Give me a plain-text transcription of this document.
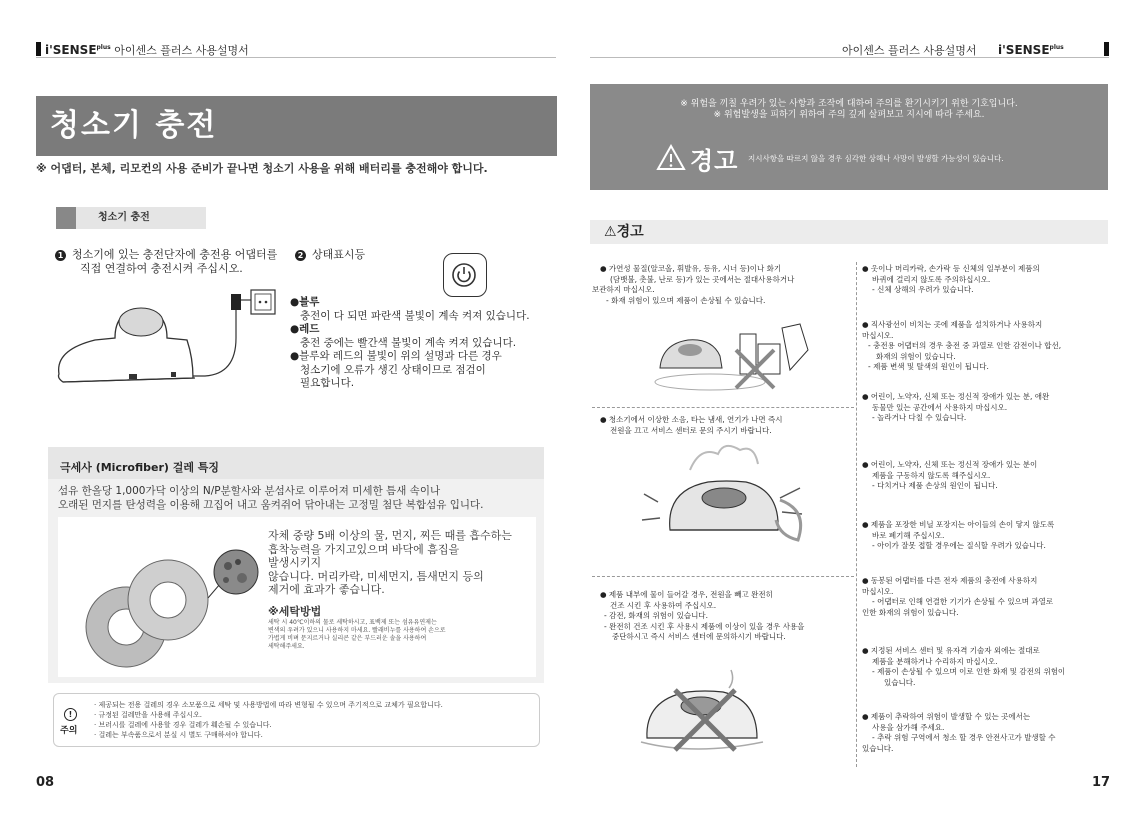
$i'SENSE^{plus}$ 아이센스 플러스 사용설명서	아이센스 플러스 사용설명서 $i'SENSE^{plus}$
청소기 충전
※ 어댑터, 본체, 리모컨의 사용 준비가 끝나면 청소기 사용을 위해 배터리를 충전해야 합니다.
청소기 충전
1 청소기에 있는 충전단자에 충전용 어댑터를
직접 연결하여 충전시켜 주십시오.
2 상태표시등
●블루
충전이 다 되면 파란색 불빛이 계속 켜져 있습니다.
●레드
충전 중에는 빨간색 불빛이 계속 켜져 있습니다.
●블루와 레드의 불빛이 위의 설명과 다른 경우
청소기에 오류가 생긴 상태이므로 점검이
필요합니다.
극세사 (Microfiber) 걸레 특징
섬유 한올당 1,000가닥 이상의 N/P분할사와 분섬사로 이루어져 미세한 틈새 속이나
오래된 먼지를 탄성력을 이용해 끄집어 내고 움켜쥐어 닦아내는 고정밀 첨단 복합섬유 입니다.
자체 중량 5배 이상의 물, 먼지, 찌든 때를 흡수하는
흡착능력을 가지고있으며 바닥에 흠집을
발생시키지
않습니다. 머리카락, 미세먼지, 틈새먼지 등의
제거에 효과가 좋습니다.
※세탁방법
세탁 시 40℃이하의 물로 세탁하시고, 표백제 또는 섬유유연제는
변색의 우려가 있으니 사용하지 마세요. 빨래비누를 사용하여 손으로
가볍게 비벼 문지르거나 실리콘 같은 부드러운 솔을 사용하여
세탁해주세요.
!
주의
· 제공되는 전용 걸레의 경우 소모품으로 세탁 및 사용방법에 따라 변형될 수 있으며 주기적으로 교체가 필요합니다.
· 규정된 걸레만을 사용해 주십시오.
· 브러시를 걸레에 사용할 경우 걸레가 훼손될 수 있습니다.
· 걸레는 부속품으로서 분실 시 별도 구매하셔야 합니다.
08
※ 위험을 끼칠 우려가 있는 사항과 조작에 대하여 주의를 환기시키기 위한 기호입니다.
※ 위험발생을 피하기 위하여 주의 깊게 살펴보고 지시에 따라 주세요.
경고 지시사항을 따르지 않을 경우 심각한 상해나 사망이 발생할 가능성이 있습니다.
⚠경고
● 가연성 물질(알코올, 휘발유, 등유, 시너 등)이나 화기
(담뱃불, 촛불, 난로 등)가 있는 곳에서는 절대사용하거나
보관하지 마십시오.
- 화재 위험이 있으며 제품이 손상될 수 있습니다.
● 청소기에서 이상한 소음, 타는 냄새, 연기가 나면 즉시
전원을 끄고 서비스 센터로 문의 주시기 바랍니다.
● 제품 내부에 물이 들어갈 경우, 전원을 빼고 완전히
건조 시킨 후 사용하여 주십시오.
- 감전, 화재의 위험이 있습니다.
- 완전히 건조 시킨 후 사용시 제품에 이상이 있을 경우 사용을
중단하시고 즉시 서비스 센터에 문의하시기 바랍니다.
● 옷이나 머리카락, 손가락 등 신체의 일부분이 제품의
바퀴에 걸리지 않도록 주의하십시오.
- 신체 상해의 우려가 있습니다.
● 직사광선이 비치는 곳에 제품을 설치하거나 사용하지
마십시오.
- 충전용 어댑터의 경우 충전 중 과열로 인한 감전이나 합선,
화재의 위험이 있습니다.
- 제품 변색 및 탈색의 원인이 됩니다.
● 어린이, 노약자, 신체 또는 정신적 장애가 있는 분, 애완
동물만 있는 공간에서 사용하지 마십시오.
- 놀라거나 다칠 수 있습니다.
● 어린이, 노약자, 신체 또는 정신적 장애가 있는 분이
제품을 구동하지 않도록 해주십시오.
- 다치거나 제품 손상의 원인이 됩니다.
● 제품을 포장한 비닐 포장지는 아이들의 손이 닿지 않도록
바로 폐기해 주십시오.
- 아이가 잘못 접할 경우에는 질식할 우려가 있습니다.
● 동봉된 어댑터를 다른 전자 제품의 충전에 사용하지
마십시오.
- 어댑터로 인해 연결한 기기가 손상될 수 있으며 과열로
인한 화재의 위험이 있습니다.
● 지정된 서비스 센터 및 유자격 기술자 외에는 절대로
제품을 분해하거나 수리하지 마십시오.
- 제품이 손상될 수 있으며 이로 인한 화재 및 감전의 위험이
있습니다.
● 제품이 추락하여 위험이 발생할 수 있는 곳에서는
사용을 삼가해 주세요.
- 추락 위험 구역에서 청소 할 경우 안전사고가 발생할 수
있습니다.
17
